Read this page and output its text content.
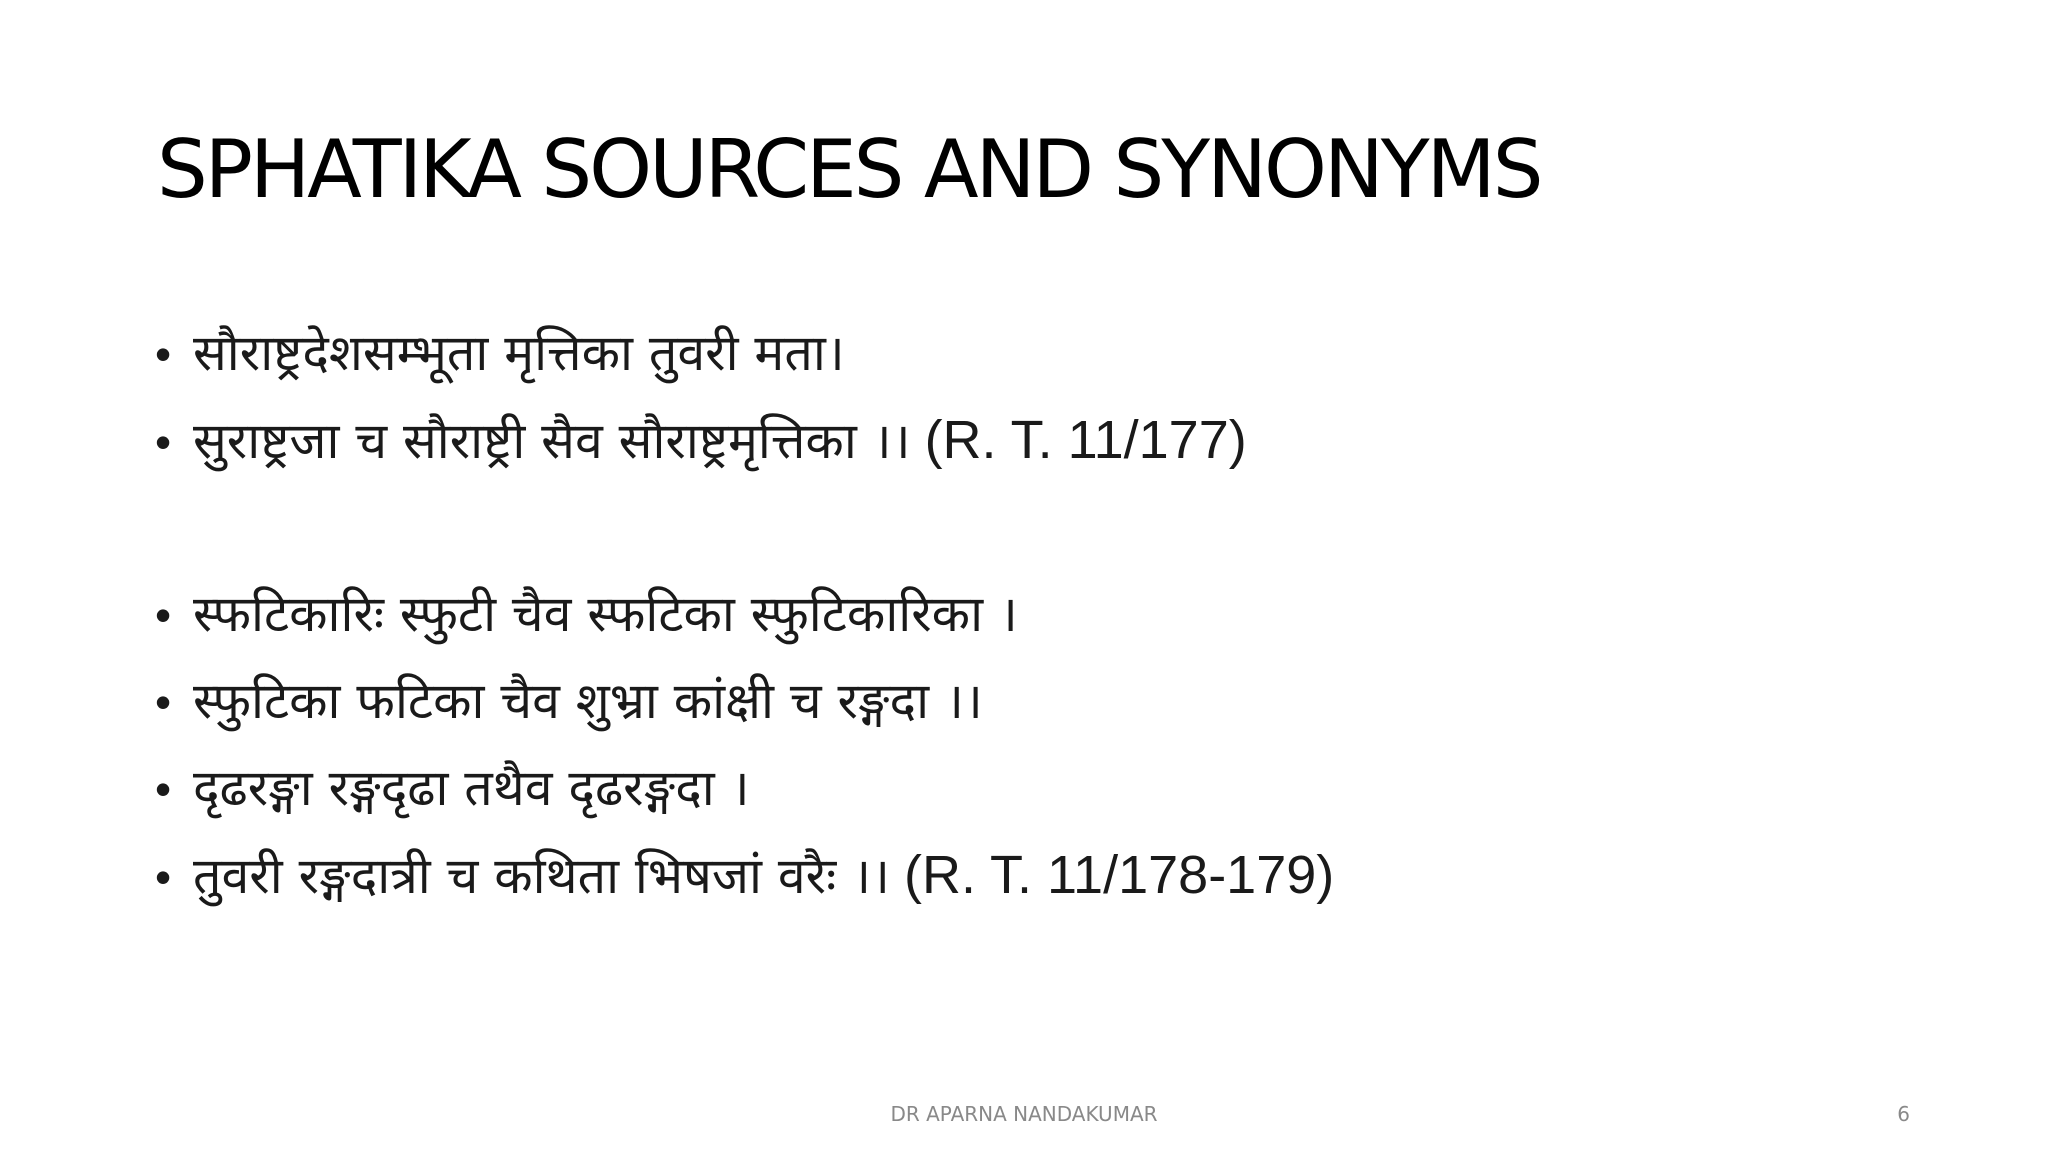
SPHATIKA SOURCES AND SYNONYMS
• सौराष्ट्रदेशसम्भूता मृत्तिका तुवरी मता।
• सुराष्ट्रजा च सौराष्ट्री सैव सौराष्ट्रमृत्तिका ।। (R. T. 11/177)
• स्फटिकारिः स्फुटी चैव स्फटिका स्फुटिकारिका ।
• स्फुटिका फटिका चैव शुभ्रा कांक्षी च रङ्गदा ।।
• दृढरङ्गा रङ्गदृढा तथैव दृढरङ्गदा ।
• तुवरी रङ्गदात्री च कथिता भिषजां वरैः ।। (R. T. 11/178-179)
DR APARNA NANDAKUMAR	6
